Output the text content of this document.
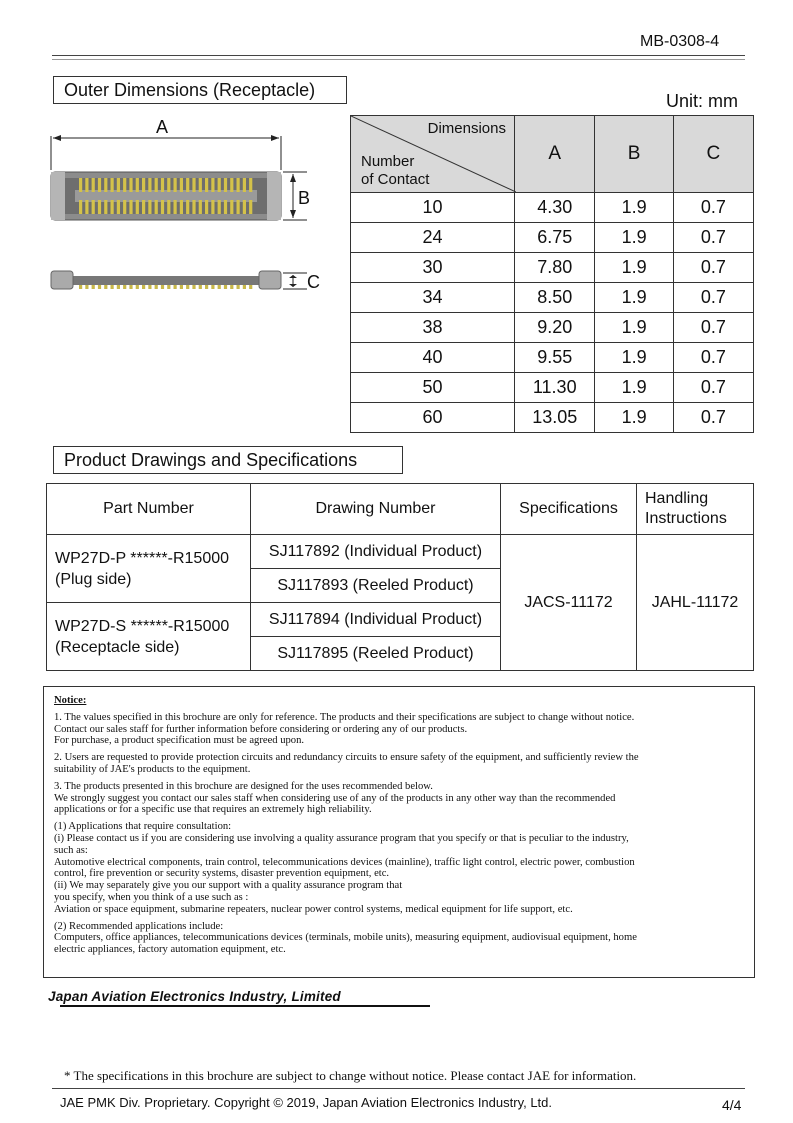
MB-0308-4
Outer Dimensions (Receptacle)
Unit: mm
A
B
C
Dimensions
Number
of Contact	A	B	C
10	4.30	1.9	0.7
24	6.75	1.9	0.7
30	7.80	1.9	0.7
34	8.50	1.9	0.7
38	9.20	1.9	0.7
40	9.55	1.9	0.7
50	11.30	1.9	0.7
60	13.05	1.9	0.7
Product Drawings and Specifications
Part Number	Drawing Number	Specifications	Handling
Instructions

WP27D-P ******-R15000
(Plug side)	SJ117892 (Individual Product)	JACS-11172	JAHL-11172
	SJ117893 (Reeled Product)		

WP27D-S ******-R15000
(Receptacle side)	SJ117894 (Individual Product)		
	SJ117895 (Reeled Product)		

Notice:

1. The values specified in this brochure are only for reference. The products and their specifications are subject to change without notice.
Contact our sales staff for further information before considering or ordering any of our products.
For purchase, a product specification must be agreed upon.

2. Users are requested to provide protection circuits and redundancy circuits to ensure safety of the equipment, and sufficiently review the
suitability of JAE's products to the equipment.

3. The products presented in this brochure are designed for the uses recommended below.
We strongly suggest you contact our sales staff when considering use of any of the products in any other way than the recommended
applications or for a specific use that requires an extremely high reliability.

(1) Applications that require consultation:
(i) Please contact us if you are considering use involving a quality assurance program that you specify or that is peculiar to the industry,
such as:
Automotive electrical components, train control, telecommunications devices (mainline), traffic light control, electric power, combustion
control, fire prevention or security systems, disaster prevention equipment, etc.
(ii) We may separately give you our support with a quality assurance program that
you specify, when you think of a use such as :
Aviation or space equipment, submarine repeaters, nuclear power control systems, medical equipment for life support, etc.

(2) Recommended applications include:
Computers, office appliances, telecommunications devices (terminals, mobile units), measuring equipment, audiovisual equipment, home
electric appliances, factory automation equipment, etc.

Japan Aviation Electronics Industry, Limited
* The specifications in this brochure are subject to change without notice. Please contact JAE for information.
JAE PMK Div. Proprietary. Copyright © 2019, Japan Aviation Electronics Industry, Ltd.	4/4
